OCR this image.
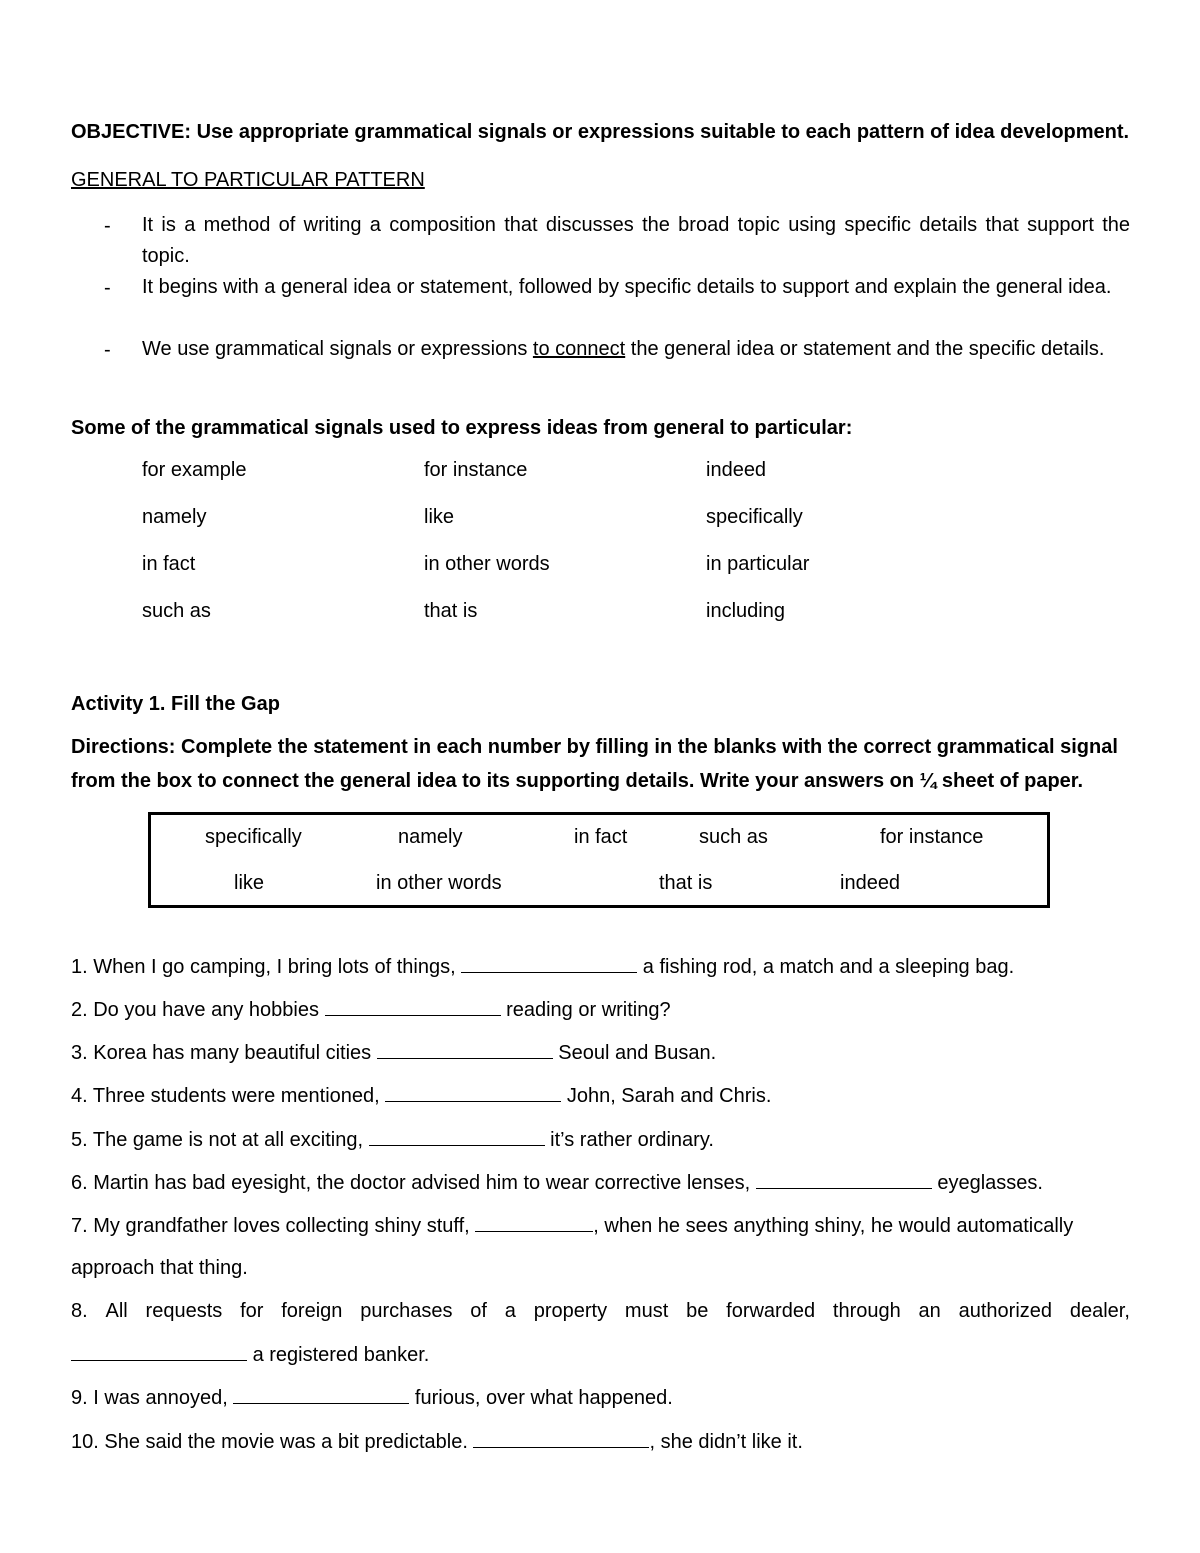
OBJECTIVE: Use appropriate grammatical signals or expressions suitable to each pattern of idea development.
GENERAL TO PARTICULAR PATTERN
- It is a method of writing a composition that discusses the broad topic using specific details that support the topic.
- It begins with a general idea or statement, followed by specific details to support and explain the general idea.
- We use grammatical signals or expressions to connect the general idea or statement and the specific details.
Some of the grammatical signals used to express ideas from general to particular:
for example	for instance	indeed
namely	like	specifically
in fact	in other words	in particular
such as	that is	including
Activity 1. Fill the Gap
Directions: Complete the statement in each number by filling in the blanks with the correct grammatical signal
from the box to connect the general idea to its supporting details. Write your answers on ¼ sheet of paper.
specifically	namely	in fact	such as	for instance
like	in other words	that is	indeed
1. When I go camping, I bring lots of things,	a fishing rod, a match and a sleeping bag.
2. Do you have any hobbies	reading or writing?
3. Korea has many beautiful cities	Seoul and Busan.
4. Three students were mentioned,	John, Sarah and Chris.
5. The game is not at all exciting,	it’s rather ordinary.
6. Martin has bad eyesight, the doctor advised him to wear corrective lenses,	eyeglasses.
7. My grandfather loves collecting shiny stuff,	, when he sees anything shiny, he would automatically
approach that thing.
8. All requests for foreign purchases of a property must be forwarded through an authorized dealer,
a registered banker.
9. I was annoyed,	furious, over what happened.
10. She said the movie was a bit predictable.	, she didn’t like it.
